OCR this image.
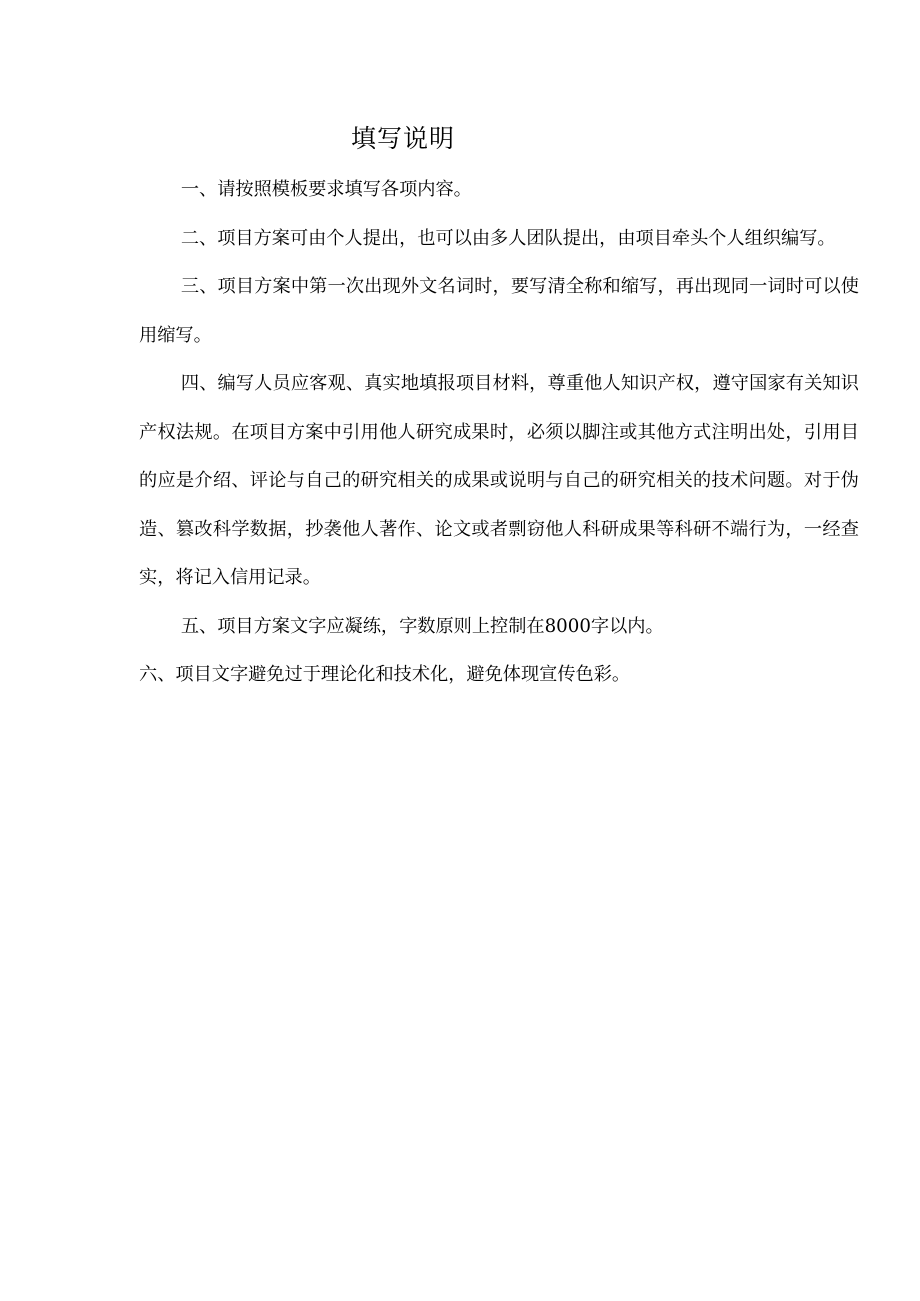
填写说明

一、请按照模板要求填写各项内容。

二、项目方案可由个人提出，也可以由多人团队提出，由项目牵头个人组织编写。

三、项目方案中第一次出现外文名词时，要写清全称和缩写，再出现同一词时可以使用缩写。

四、编写人员应客观、真实地填报项目材料，尊重他人知识产权，遵守国家有关知识产权法规。在项目方案中引用他人研究成果时，必须以脚注或其他方式注明出处，引用目的应是介绍、评论与自己的研究相关的成果或说明与自己的研究相关的技术问题。对于伪造、篡改科学数据，抄袭他人著作、论文或者剽窃他人科研成果等科研不端行为，一经查实，将记入信用记录。

五、项目方案文字应凝练，字数原则上控制在8000字以内。

六、项目文字避免过于理论化和技术化，避免体现宣传色彩。
